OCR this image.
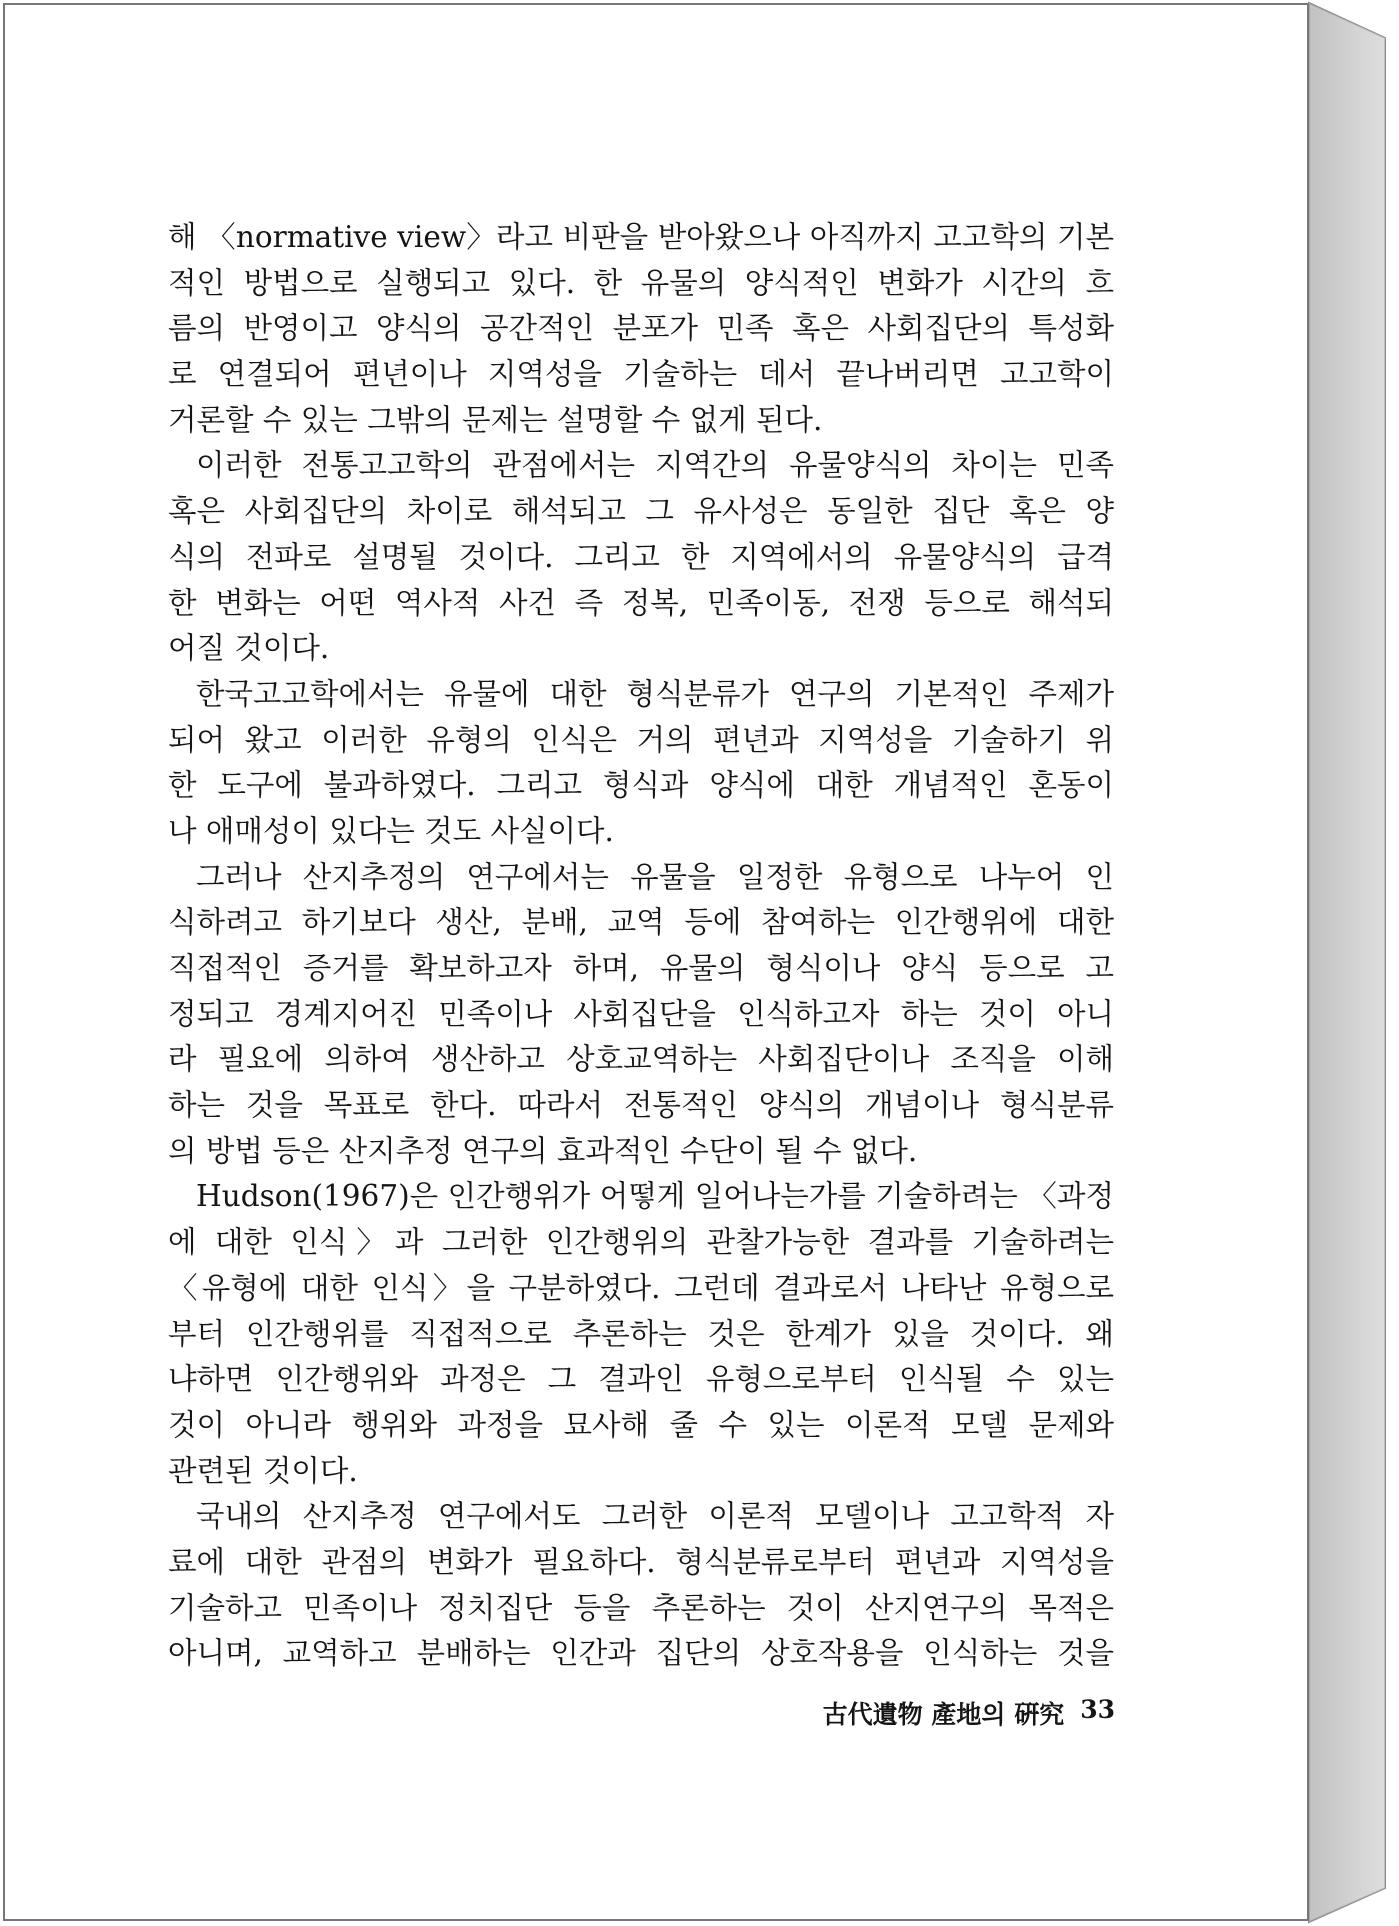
해 〈normative view〉라고 비판을 받아왔으나 아직까지 고고학의 기본
적인 방법으로 실행되고 있다. 한 유물의 양식적인 변화가 시간의 흐
름의 반영이고 양식의 공간적인 분포가 민족 혹은 사회집단의 특성화
로 연결되어 편년이나 지역성을 기술하는 데서 끝나버리면 고고학이
거론할 수 있는 그밖의 문제는 설명할 수 없게 된다.
이러한 전통고고학의 관점에서는 지역간의 유물양식의 차이는 민족
혹은 사회집단의 차이로 해석되고 그 유사성은 동일한 집단 혹은 양
식의 전파로 설명될 것이다. 그리고 한 지역에서의 유물양식의 급격
한 변화는 어떤 역사적 사건 즉 정복, 민족이동, 전쟁 등으로 해석되
어질 것이다.
한국고고학에서는 유물에 대한 형식분류가 연구의 기본적인 주제가
되어 왔고 이러한 유형의 인식은 거의 편년과 지역성을 기술하기 위
한 도구에 불과하였다. 그리고 형식과 양식에 대한 개념적인 혼동이
나 애매성이 있다는 것도 사실이다.
그러나 산지추정의 연구에서는 유물을 일정한 유형으로 나누어 인
식하려고 하기보다 생산, 분배, 교역 등에 참여하는 인간행위에 대한
직접적인 증거를 확보하고자 하며, 유물의 형식이나 양식 등으로 고
정되고 경계지어진 민족이나 사회집단을 인식하고자 하는 것이 아니
라 필요에 의하여 생산하고 상호교역하는 사회집단이나 조직을 이해
하는 것을 목표로 한다. 따라서 전통적인 양식의 개념이나 형식분류
의 방법 등은 산지추정 연구의 효과적인 수단이 될 수 없다.
Hudson(1967)은 인간행위가 어떻게 일어나는가를 기술하려는 〈과정
에 대한 인식〉과 그러한 인간행위의 관찰가능한 결과를 기술하려는
〈유형에 대한 인식〉을 구분하였다. 그런데 결과로서 나타난 유형으로
부터 인간행위를 직접적으로 추론하는 것은 한계가 있을 것이다. 왜
냐하면 인간행위와 과정은 그 결과인 유형으로부터 인식될 수 있는
것이 아니라 행위와 과정을 묘사해 줄 수 있는 이론적 모델 문제와
관련된 것이다.
국내의 산지추정 연구에서도 그러한 이론적 모델이나 고고학적 자
료에 대한 관점의 변화가 필요하다. 형식분류로부터 편년과 지역성을
기술하고 민족이나 정치집단 등을 추론하는 것이 산지연구의 목적은
아니며, 교역하고 분배하는 인간과 집단의 상호작용을 인식하는 것을
古代遺物 產地의 硏究 33
